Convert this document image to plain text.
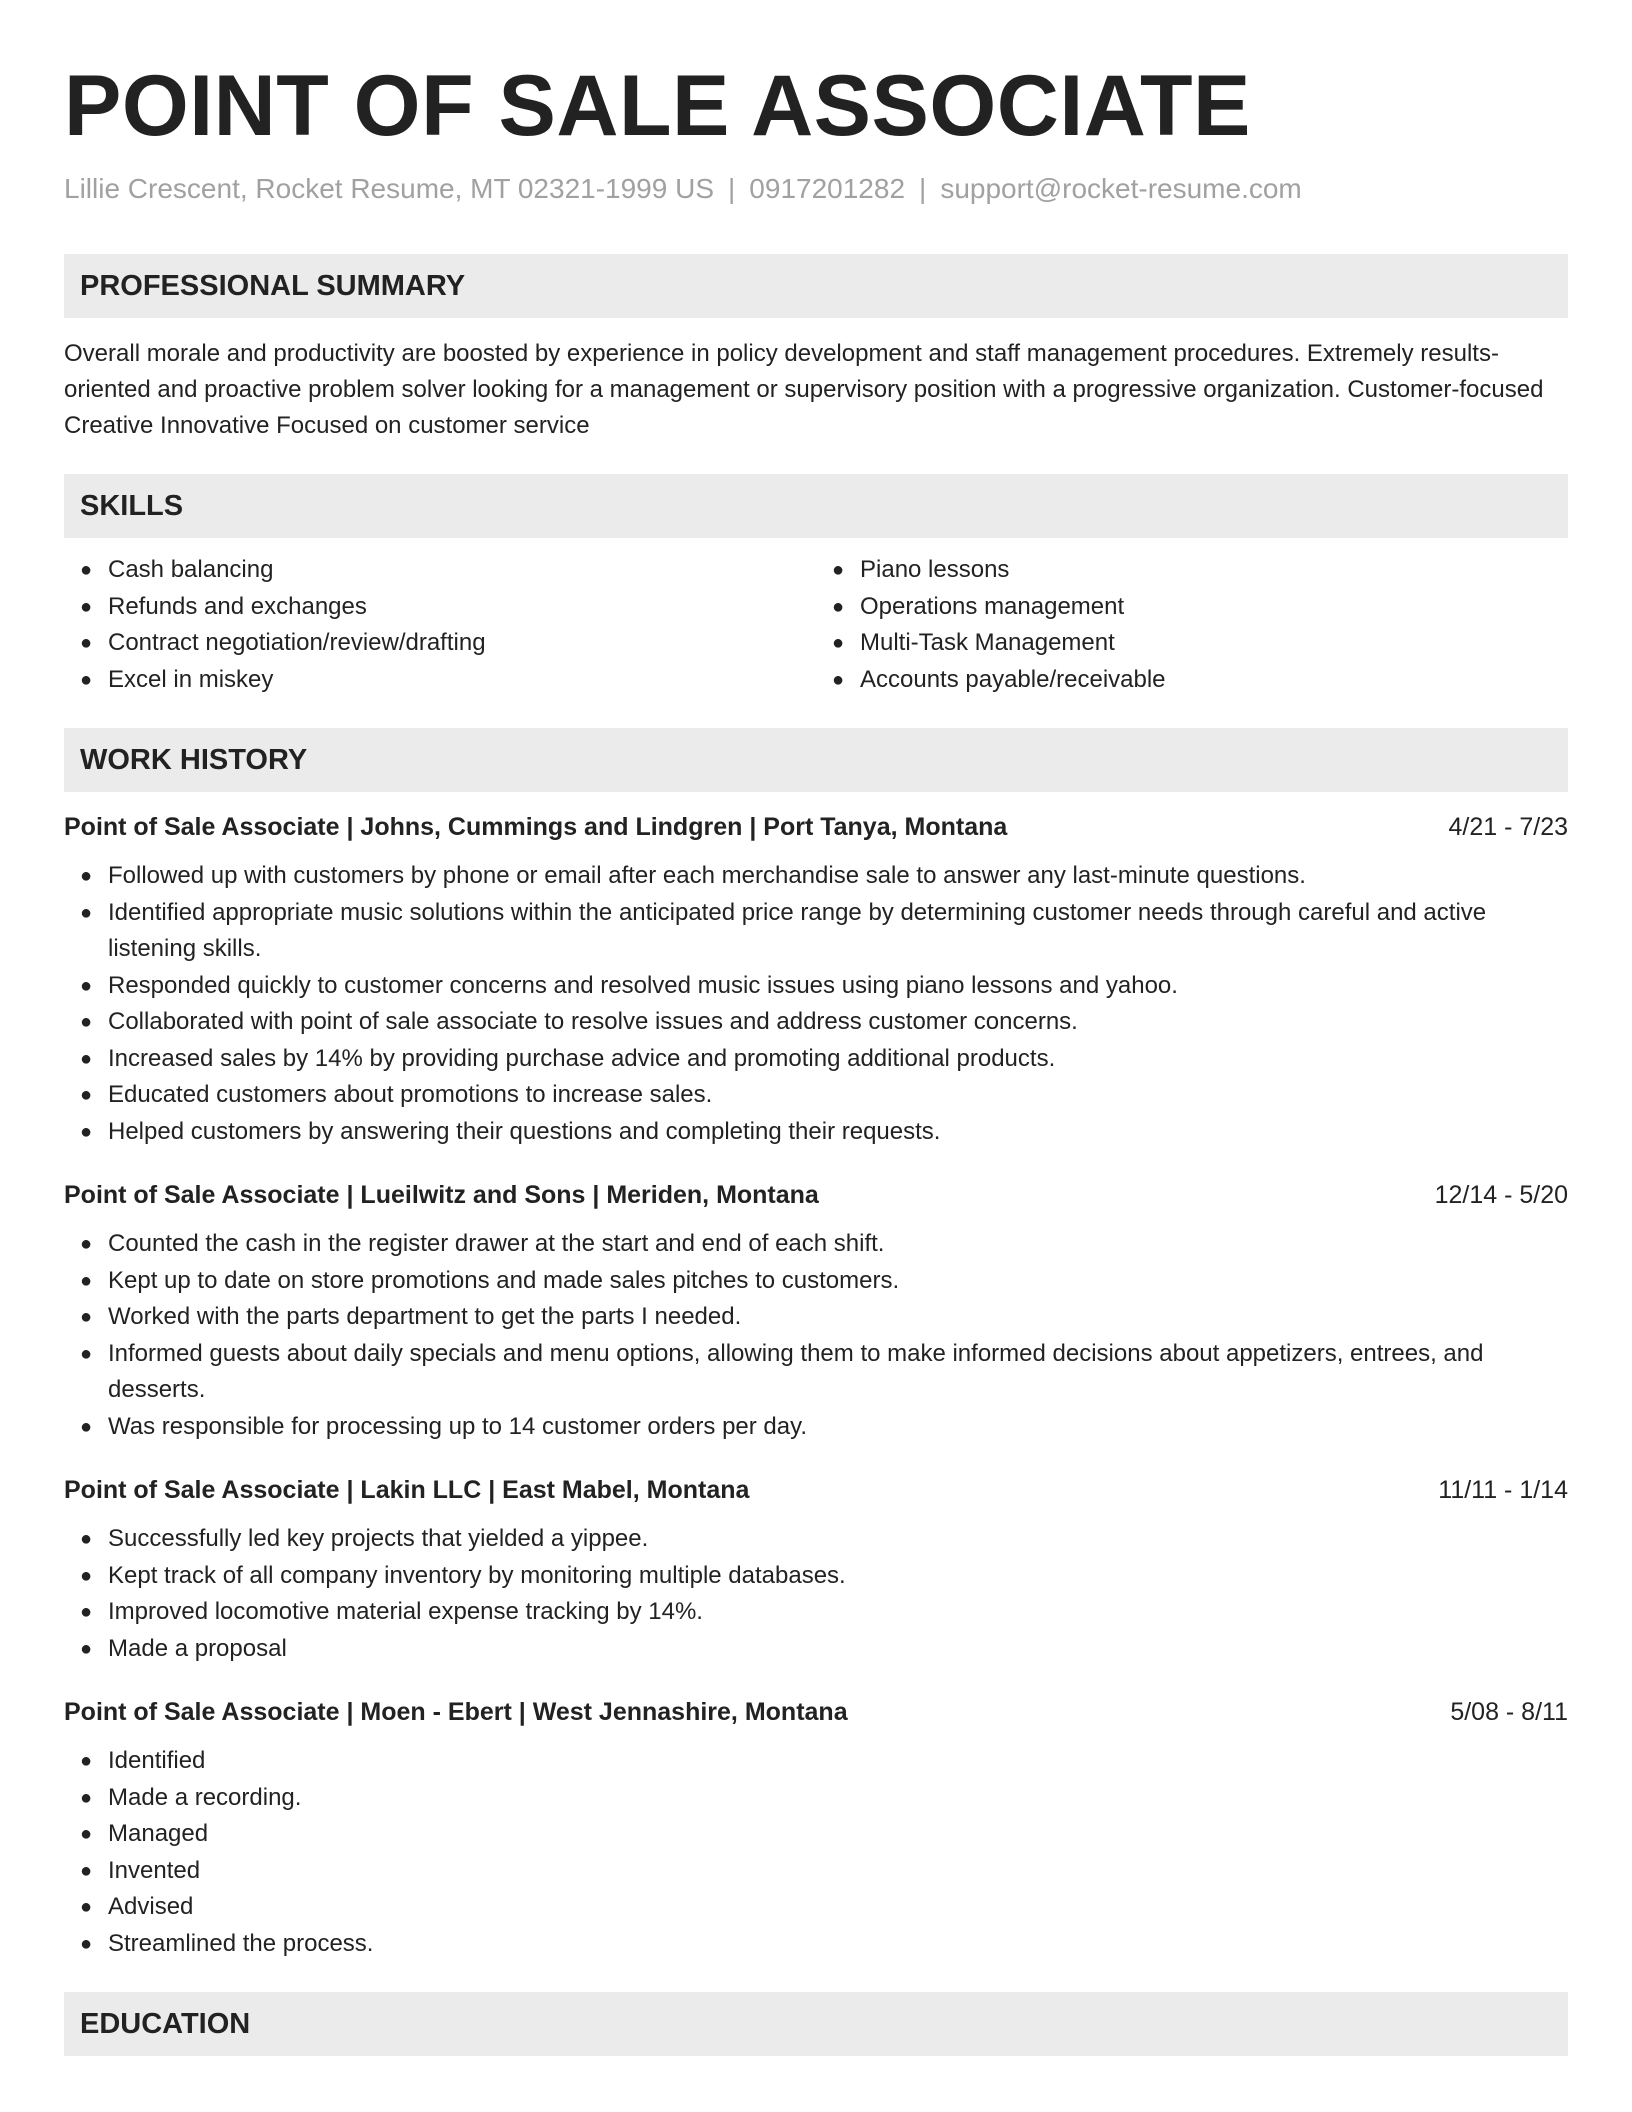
POINT OF SALE ASSOCIATE
Lillie Crescent, Rocket Resume, MT 02321-1999 US | 0917201282 | support@rocket-resume.com
PROFESSIONAL SUMMARY

Overall morale and productivity are boosted by experience in policy development and staff management procedures. Extremely results-oriented and proactive problem solver looking for a management or supervisory position with a progressive organization. Customer-focused Creative Innovative Focused on customer service

SKILLS
● Cash balancing
● Refunds and exchanges
● Contract negotiation/review/drafting
● Excel in miskey
● Piano lessons
● Operations management
● Multi-Task Management
● Accounts payable/receivable
WORK HISTORY
Point of Sale Associate | Johns, Cummings and Lindgren | Port Tanya, Montana	4/21 - 7/23
● Followed up with customers by phone or email after each merchandise sale to answer any last-minute questions.
● Identified appropriate music solutions within the anticipated price range by determining customer needs through careful and active listening skills.
● Responded quickly to customer concerns and resolved music issues using piano lessons and yahoo.
● Collaborated with point of sale associate to resolve issues and address customer concerns.
● Increased sales by 14% by providing purchase advice and promoting additional products.
● Educated customers about promotions to increase sales.
● Helped customers by answering their questions and completing their requests.
Point of Sale Associate | Lueilwitz and Sons | Meriden, Montana	12/14 - 5/20
● Counted the cash in the register drawer at the start and end of each shift.
● Kept up to date on store promotions and made sales pitches to customers.
● Worked with the parts department to get the parts I needed.
● Informed guests about daily specials and menu options, allowing them to make informed decisions about appetizers, entrees, and desserts.
● Was responsible for processing up to 14 customer orders per day.
Point of Sale Associate | Lakin LLC | East Mabel, Montana	11/11 - 1/14
● Successfully led key projects that yielded a yippee.
● Kept track of all company inventory by monitoring multiple databases.
● Improved locomotive material expense tracking by 14%.
● Made a proposal
Point of Sale Associate | Moen - Ebert | West Jennashire, Montana	5/08 - 8/11
● Identified
● Made a recording.
● Managed
● Invented
● Advised
● Streamlined the process.
EDUCATION
